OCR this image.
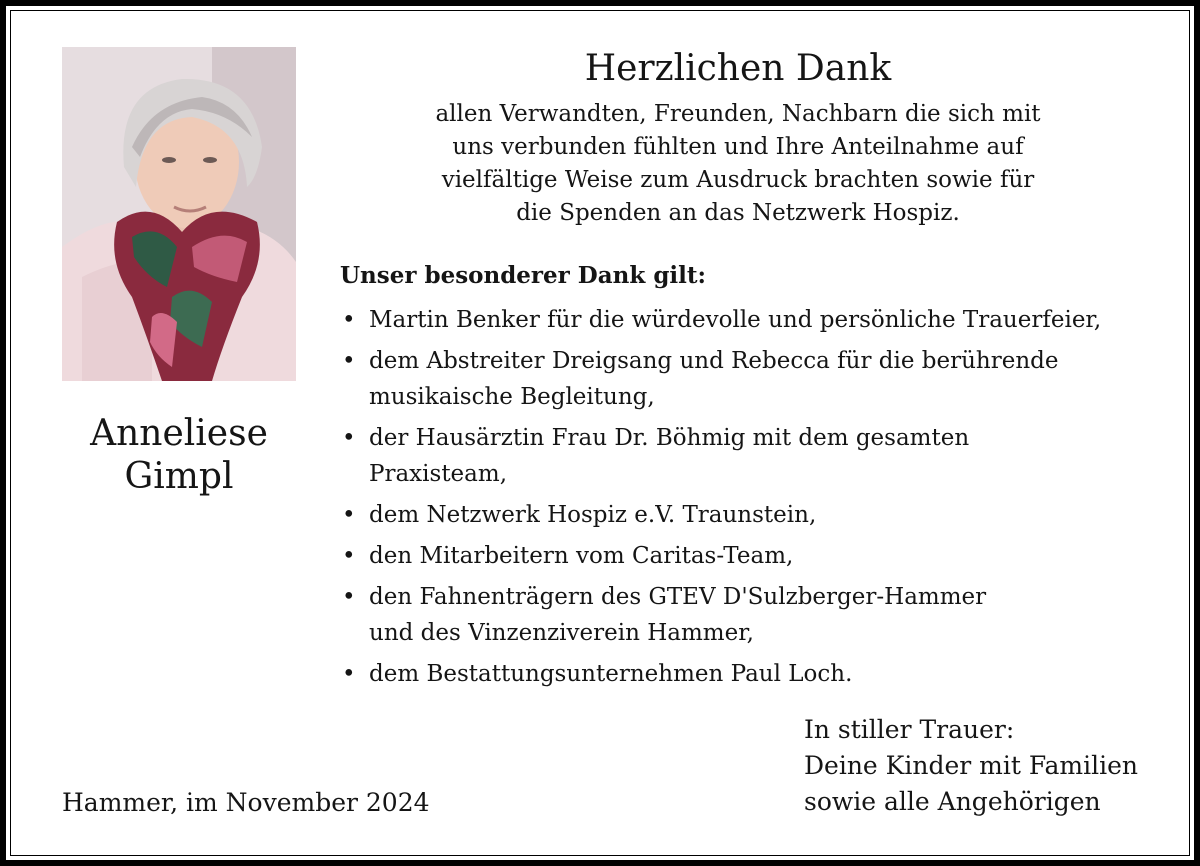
Anneliese
Gimpl
Hammer, im November 2024
Herzlichen Dank
allen Verwandten, Freunden, Nachbarn die sich mit
uns verbunden fühlten und Ihre Anteilnahme auf
vielfältige Weise zum Ausdruck brachten sowie für
die Spenden an das Netzwerk Hospiz.
Unser besonderer Dank gilt:
• Martin Benker für die würdevolle und persönliche Trauerfeier,
• dem Abstreiter Dreigsang und Rebecca für die berührende
musikaische Begleitung,
• der Hausärztin Frau Dr. Böhmig mit dem gesamten
Praxisteam,
• dem Netzwerk Hospiz e.V. Traunstein,
• den Mitarbeitern vom Caritas-Team,
• den Fahnenträgern des GTEV D'Sulzberger-Hammer
und des Vinzenziverein Hammer,
• dem Bestattungsunternehmen Paul Loch.
In stiller Trauer:
Deine Kinder mit Familien
sowie alle Angehörigen
